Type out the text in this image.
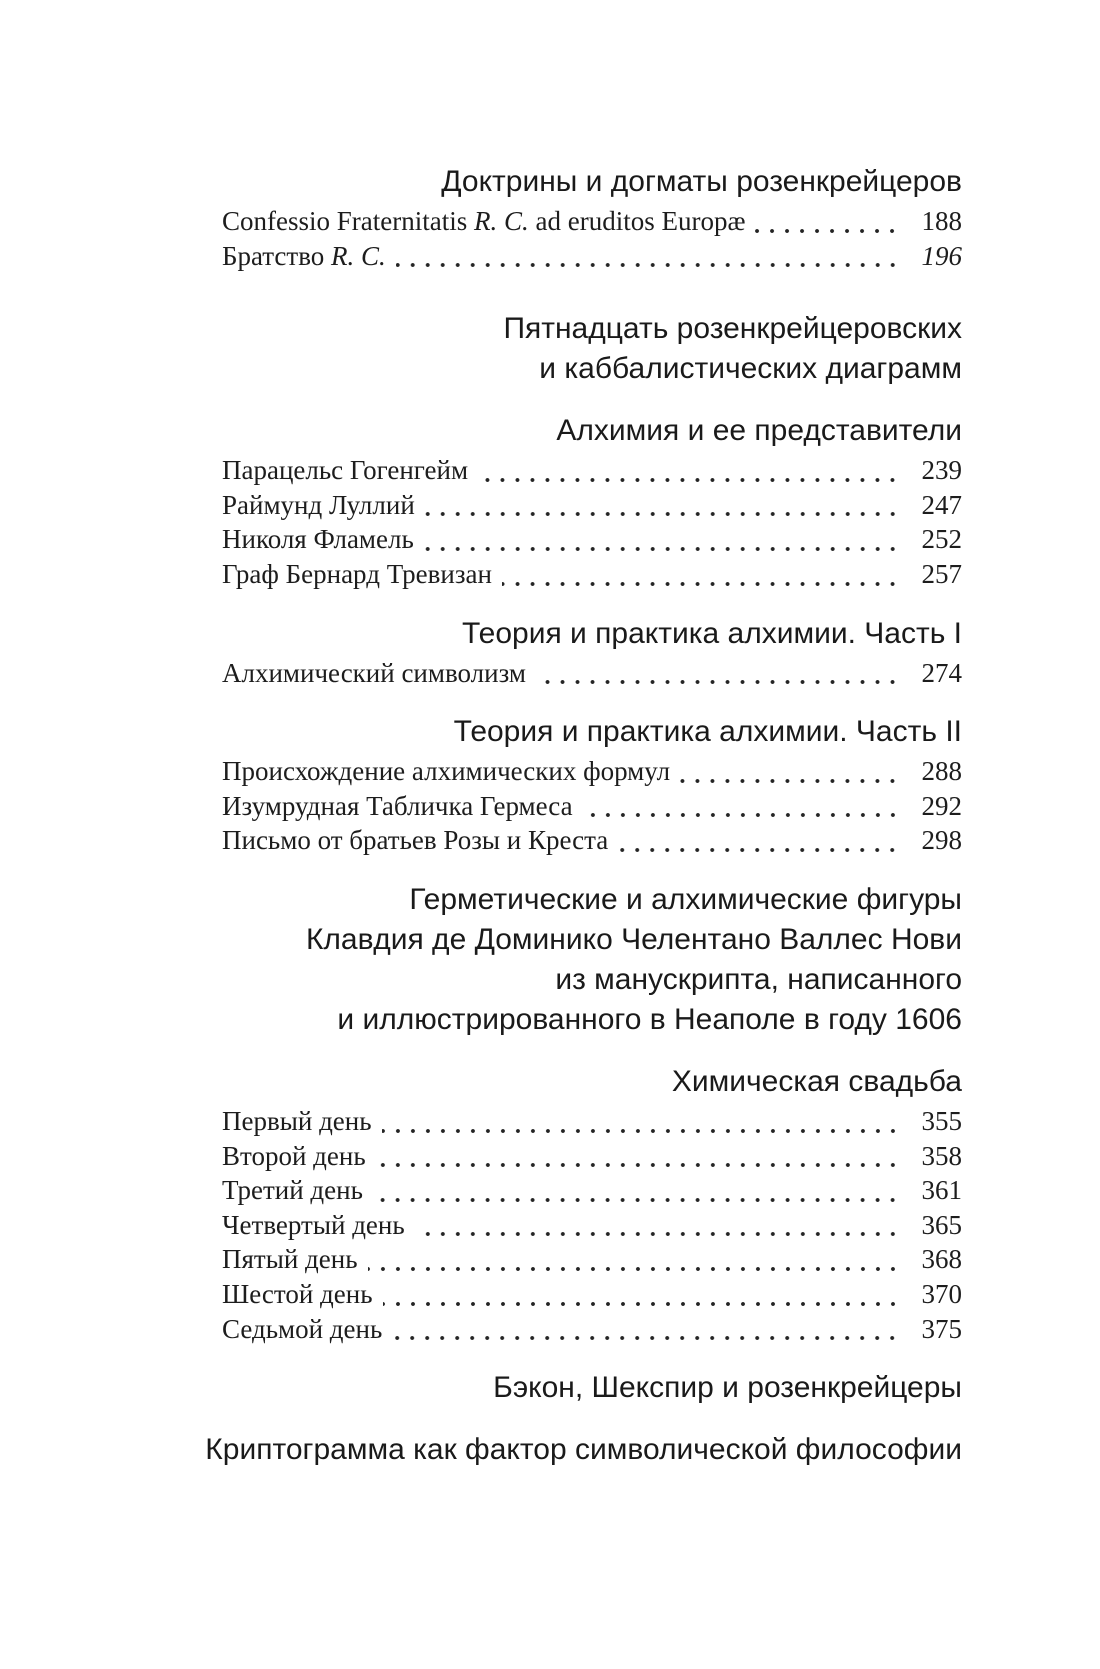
Доктрины и догматы розенкрейцеров
Confessio Fraternitatis R. C. ad eruditos Europæ	188
Братство R. C.	196
Пятнадцать розенкрейцеровских
и каббалистических диаграмм
Алхимия и ее представители
Парацельс Гогенгейм	239
Раймунд Луллий	247
Николя Фламель	252
Граф Бернард Тревизан	257
Теория и практика алхимии. Часть I
Алхимический символизм	274
Теория и практика алхимии. Часть II
Происхождение алхимических формул	288
Изумрудная Табличка Гермеса	292
Письмо от братьев Розы и Креста	298
Герметические и алхимические фигуры
Клавдия де Доминико Челентано Валлес Нови
из манускрипта, написанного
и иллюстрированного в Неаполе в году 1606
Химическая свадьба
Первый день	355
Второй день	358
Третий день	361
Четвертый день	365
Пятый день	368
Шестой день	370
Седьмой день	375
Бэкон, Шекспир и розенкрейцеры
Криптограмма как фактор символической философии
